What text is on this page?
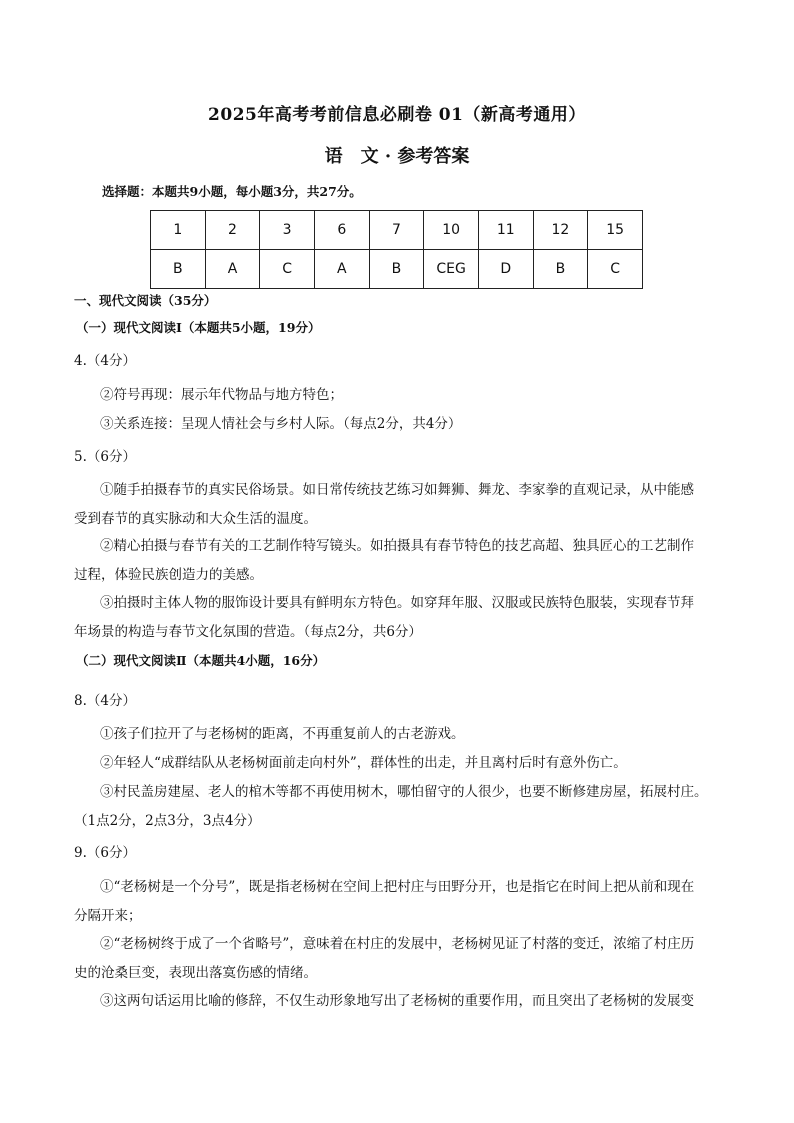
2025年高考考前信息必刷卷 01（新高考通用）
语　文 · 参考答案
选择题：本题共9小题，每小题3分，共27分。
1	2	3	6	7	10	11	12	15
B	A	C	A	B	CEG	D	B	C
一、现代文阅读（35分）
（一）现代文阅读Ⅰ（本题共5小题，19分）
4.（4分）
②符号再现：展示年代物品与地方特色；
③关系连接：呈现人情社会与乡村人际。（每点2分，共4分）
5.（6分）
①随手拍摄春节的真实民俗场景。如日常传统技艺练习如舞狮、舞龙、李家拳的直观记录，从中能感
受到春节的真实脉动和大众生活的温度。
②精心拍摄与春节有关的工艺制作特写镜头。如拍摄具有春节特色的技艺高超、独具匠心的工艺制作
过程，体验民族创造力的美感。
③拍摄时主体人物的服饰设计要具有鲜明东方特色。如穿拜年服、汉服或民族特色服装，实现春节拜
年场景的构造与春节文化氛围的营造。（每点2分，共6分）
（二）现代文阅读Ⅱ（本题共4小题，16分）
8.（4分）
①孩子们拉开了与老杨树的距离，不再重复前人的古老游戏。
②年轻人“成群结队从老杨树面前走向村外”，群体性的出走，并且离村后时有意外伤亡。
③村民盖房建屋、老人的棺木等都不再使用树木，哪怕留守的人很少，也要不断修建房屋，拓展村庄。
（1点2分，2点3分，3点4分）
9.（6分）
①“老杨树是一个分号”，既是指老杨树在空间上把村庄与田野分开，也是指它在时间上把从前和现在
分隔开来；
②“老杨树终于成了一个省略号”，意味着在村庄的发展中，老杨树见证了村落的变迁，浓缩了村庄历
史的沧桑巨变，表现出落寞伤感的情绪。
③这两句话运用比喻的修辞，不仅生动形象地写出了老杨树的重要作用，而且突出了老杨树的发展变
